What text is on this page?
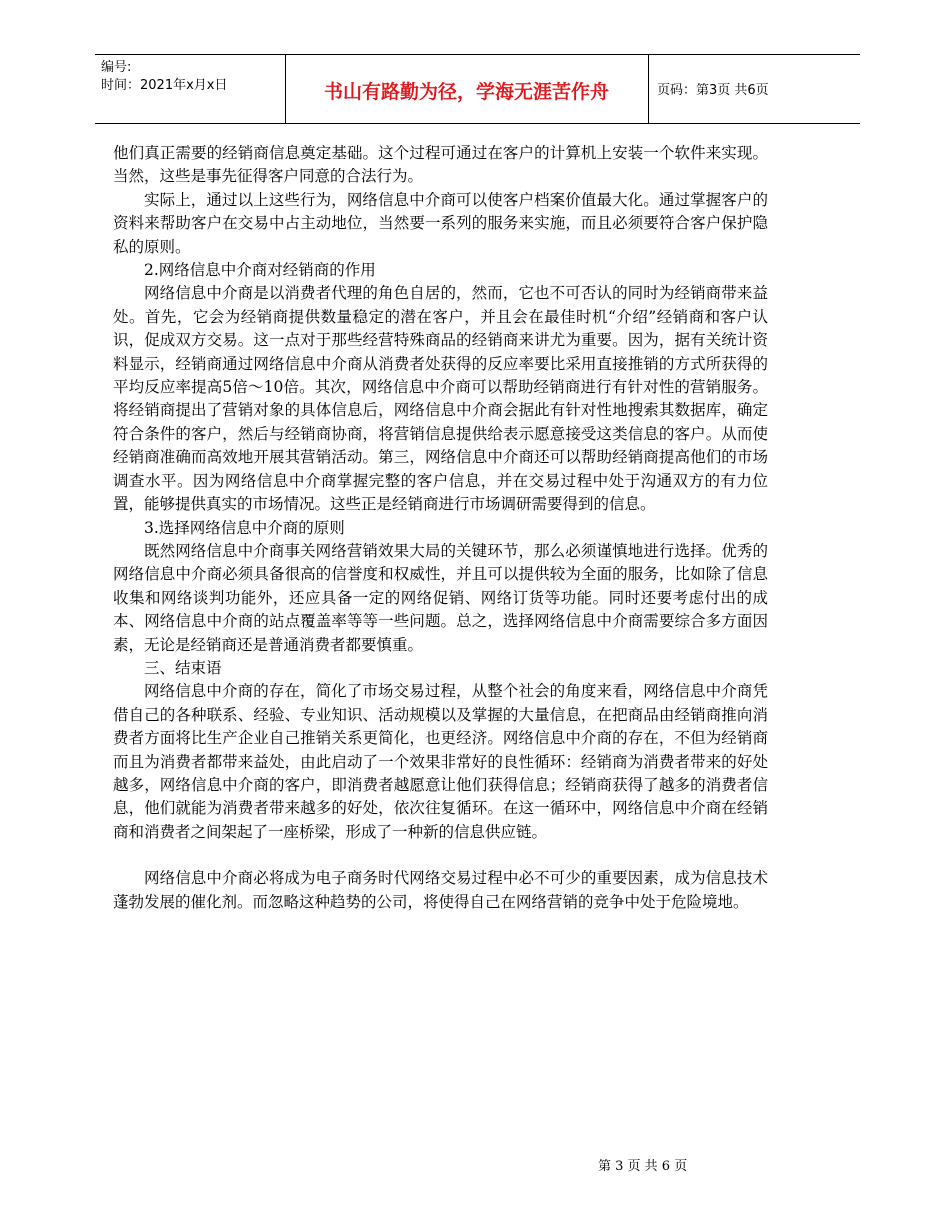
编号:
时间：2021年x月x日	书山有路勤为径，学海无涯苦作舟	页码：第3页 共6页

他们真正需要的经销商信息奠定基础。这个过程可通过在客户的计算机上安装一个软件来实现。当然，这些是事先征得客户同意的合法行为。

实际上，通过以上这些行为，网络信息中介商可以使客户档案价值最大化。通过掌握客户的资料来帮助客户在交易中占主动地位，当然要一系列的服务来实施，而且必须要符合客户保护隐私的原则。

2.网络信息中介商对经销商的作用

网络信息中介商是以消费者代理的角色自居的，然而，它也不可否认的同时为经销商带来益处。首先，它会为经销商提供数量稳定的潜在客户，并且会在最佳时机“介绍”经销商和客户认识，促成双方交易。这一点对于那些经营特殊商品的经销商来讲尤为重要。因为，据有关统计资料显示，经销商通过网络信息中介商从消费者处获得的反应率要比采用直接推销的方式所获得的平均反应率提高5倍～10倍。其次，网络信息中介商可以帮助经销商进行有针对性的营销服务。将经销商提出了营销对象的具体信息后，网络信息中介商会据此有针对性地搜索其数据库，确定符合条件的客户，然后与经销商协商，将营销信息提供给表示愿意接受这类信息的客户。从而使经销商准确而高效地开展其营销活动。第三，网络信息中介商还可以帮助经销商提高他们的市场调查水平。因为网络信息中介商掌握完整的客户信息，并在交易过程中处于沟通双方的有力位置，能够提供真实的市场情况。这些正是经销商进行市场调研需要得到的信息。

3.选择网络信息中介商的原则

既然网络信息中介商事关网络营销效果大局的关键环节，那么必须谨慎地进行选择。优秀的网络信息中介商必须具备很高的信誉度和权威性，并且可以提供较为全面的服务，比如除了信息收集和网络谈判功能外，还应具备一定的网络促销、网络订货等功能。同时还要考虑付出的成本、网络信息中介商的站点覆盖率等等一些问题。总之，选择网络信息中介商需要综合多方面因素，无论是经销商还是普通消费者都要慎重。

三、结束语

网络信息中介商的存在，简化了市场交易过程，从整个社会的角度来看，网络信息中介商凭借自己的各种联系、经验、专业知识、活动规模以及掌握的大量信息，在把商品由经销商推向消费者方面将比生产企业自己推销关系更简化，也更经济。网络信息中介商的存在，不但为经销商而且为消费者都带来益处，由此启动了一个效果非常好的良性循环：经销商为消费者带来的好处越多，网络信息中介商的客户，即消费者越愿意让他们获得信息；经销商获得了越多的消费者信息，他们就能为消费者带来越多的好处，依次往复循环。在这一循环中，网络信息中介商在经销商和消费者之间架起了一座桥梁，形成了一种新的信息供应链。

网络信息中介商必将成为电子商务时代网络交易过程中必不可少的重要因素，成为信息技术蓬勃发展的催化剂。而忽略这种趋势的公司，将使得自己在网络营销的竞争中处于危险境地。

第 3 页 共 6 页
